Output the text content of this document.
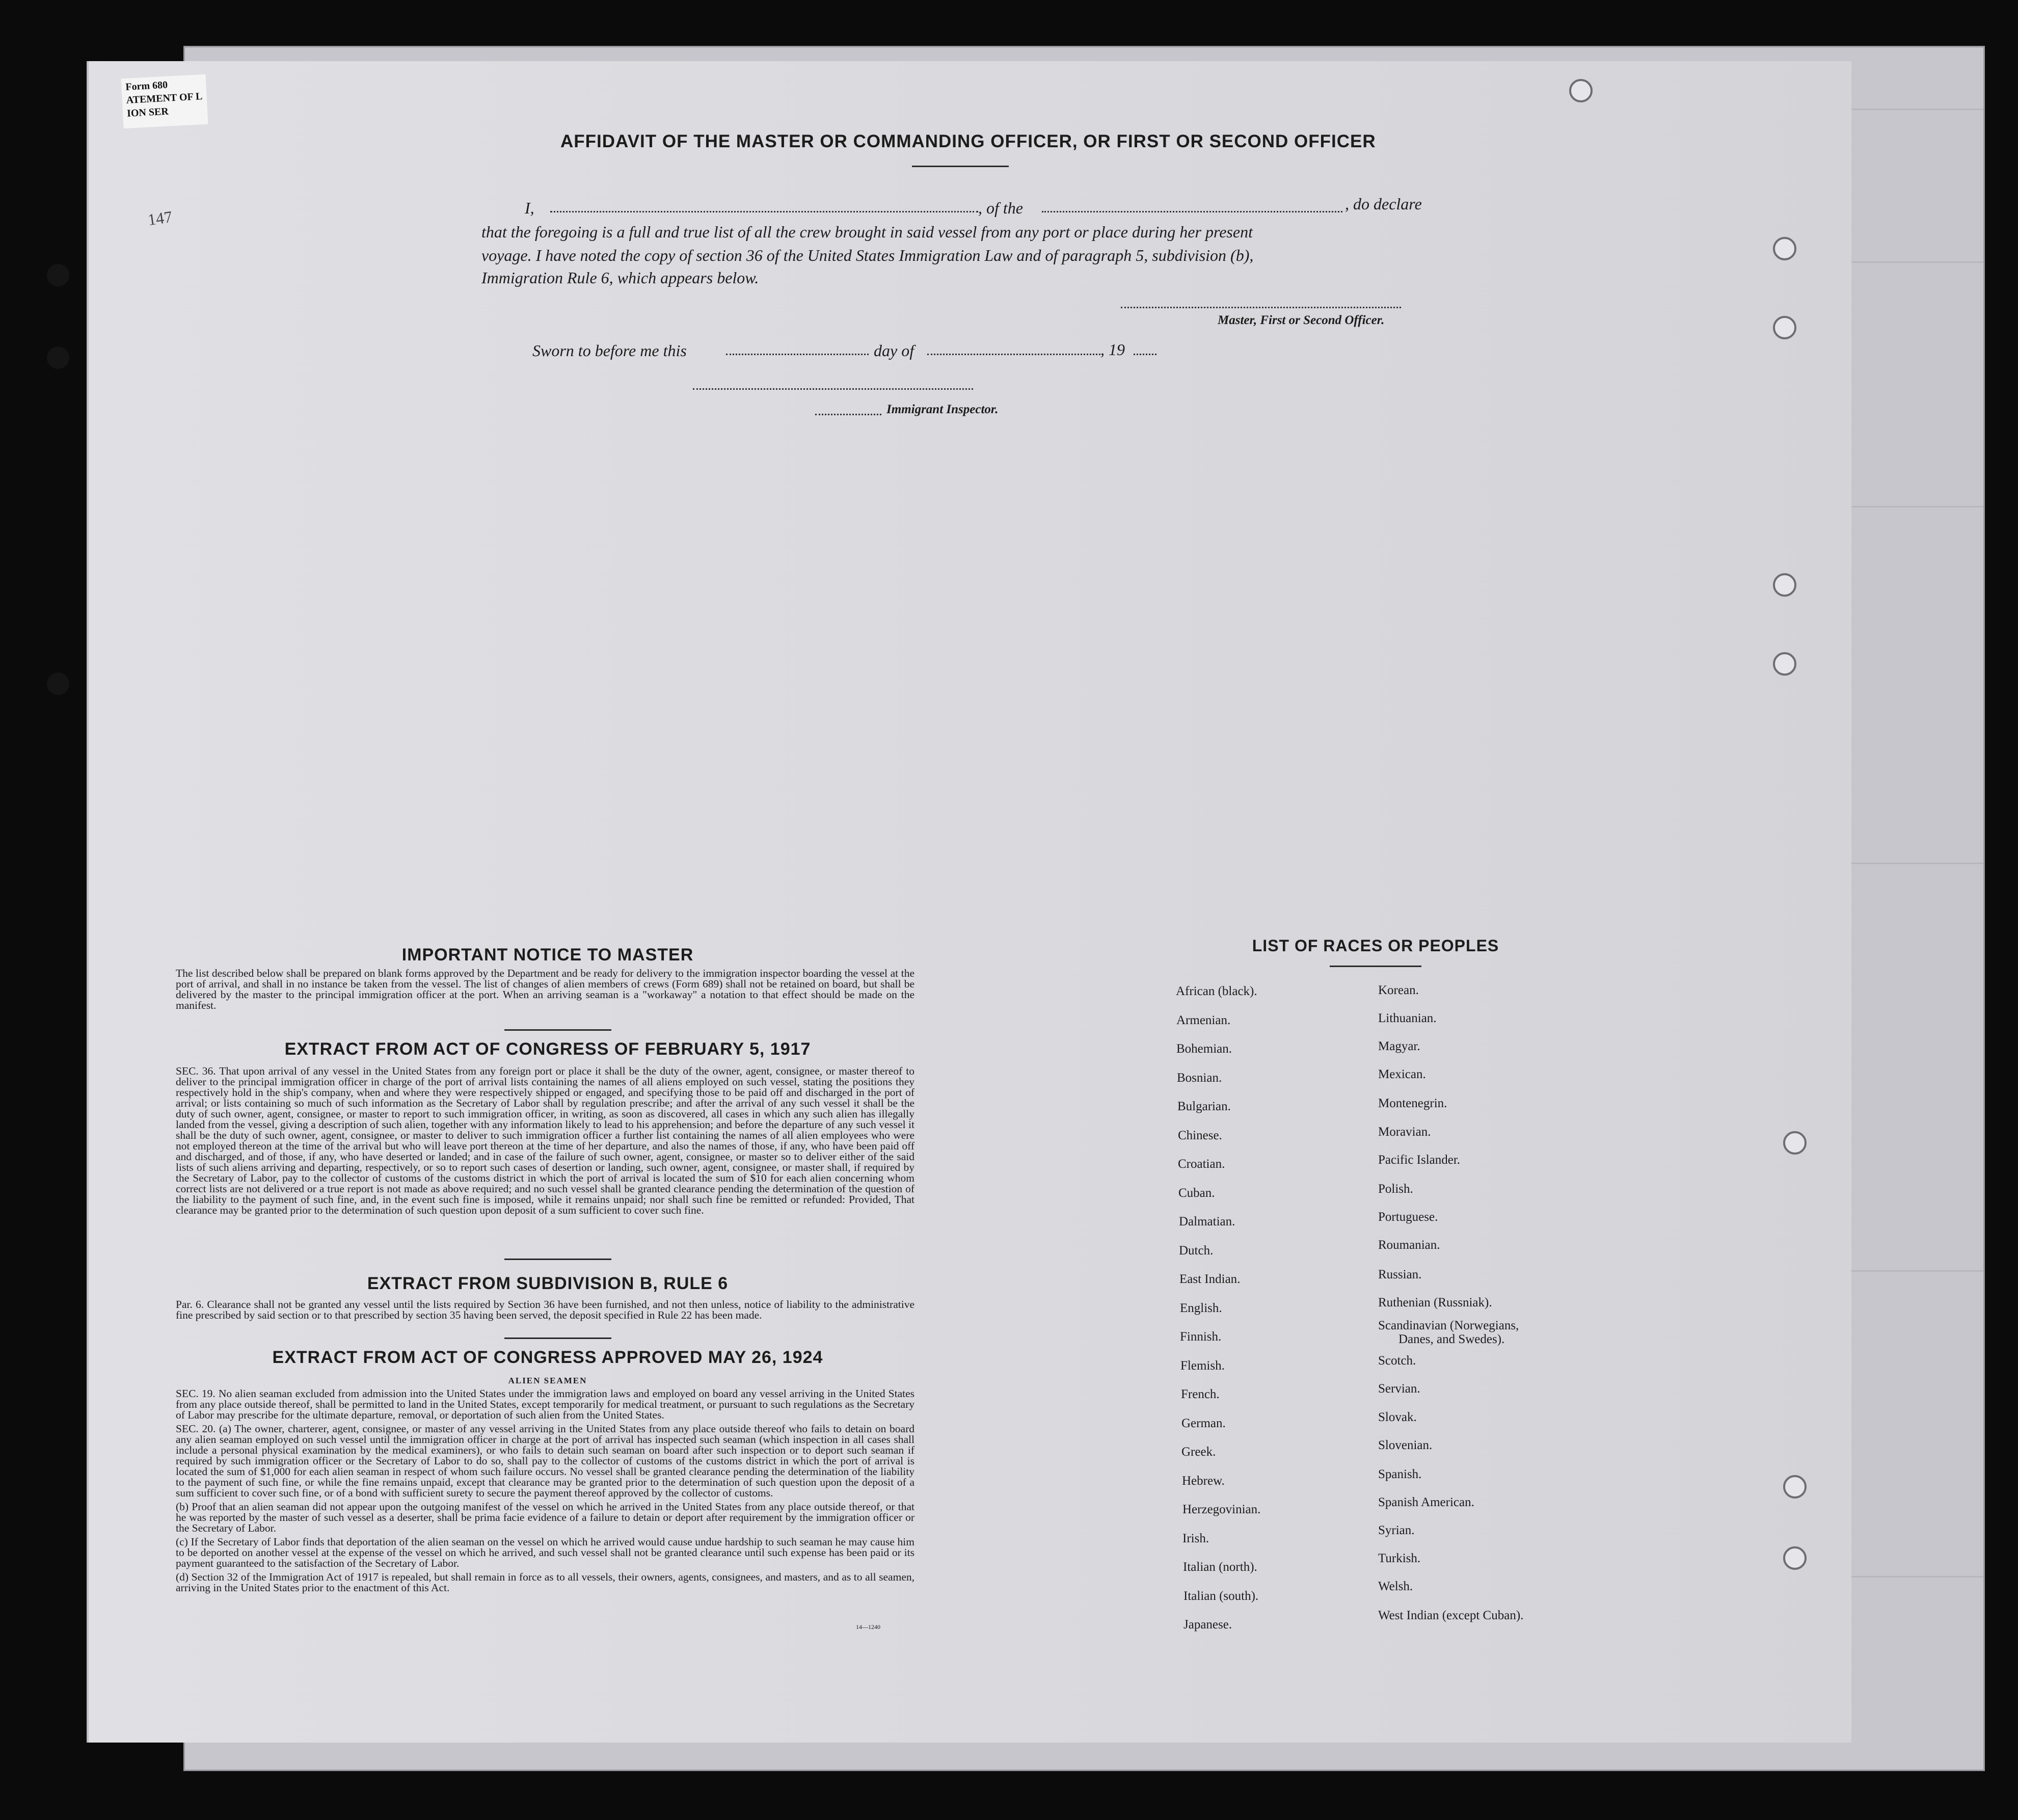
Form 680 ATEMENT OF L ION SER
147
AFFIDAVIT OF THE MASTER OR COMMANDING OFFICER, OR FIRST OR SECOND OFFICER
I,	, of the	, do declare
that the foregoing is a full and true list of all the crew brought in said vessel from any port or place during her present
voyage. I have noted the copy of section 36 of the United States Immigration Law and of paragraph 5, subdivision (b),
Immigration Rule 6, which appears below.
Master, First or Second Officer.
Sworn to before me this	day of	, 19
Immigrant Inspector.
IMPORTANT NOTICE TO MASTER
The list described below shall be prepared on blank forms approved by the Department and be ready for delivery to the immigration inspector boarding the vessel at the port of arrival, and shall in no instance be taken from the vessel. The list of changes of alien members of crews (Form 689) shall not be retained on board, but shall be delivered by the master to the principal immigration officer at the port. When an arriving seaman is a "workaway" a notation to that effect should be made on the manifest.
EXTRACT FROM ACT OF CONGRESS OF FEBRUARY 5, 1917
SEC. 36. That upon arrival of any vessel in the United States from any foreign port or place it shall be the duty of the owner, agent, consignee, or master thereof to deliver to the principal immigration officer in charge of the port of arrival lists containing the names of all aliens employed on such vessel, stating the positions they respectively hold in the ship's company, when and where they were respectively shipped or engaged, and specifying those to be paid off and discharged in the port of arrival; or lists containing so much of such information as the Secretary of Labor shall by regulation prescribe; and after the arrival of any such vessel it shall be the duty of such owner, agent, consignee, or master to report to such immigration officer, in writing, as soon as discovered, all cases in which any such alien has illegally landed from the vessel, giving a description of such alien, together with any information likely to lead to his apprehension; and before the departure of any such vessel it shall be the duty of such owner, agent, consignee, or master to deliver to such immigration officer a further list containing the names of all alien employees who were not employed thereon at the time of the arrival but who will leave port thereon at the time of her departure, and also the names of those, if any, who have been paid off and discharged, and of those, if any, who have deserted or landed; and in case of the failure of such owner, agent, consignee, or master so to deliver either of the said lists of such aliens arriving and departing, respectively, or so to report such cases of desertion or landing, such owner, agent, consignee, or master shall, if required by the Secretary of Labor, pay to the collector of customs of the customs district in which the port of arrival is located the sum of $10 for each alien concerning whom correct lists are not delivered or a true report is not made as above required; and no such vessel shall be granted clearance pending the determination of the question of the liability to the payment of such fine, and, in the event such fine is imposed, while it remains unpaid; nor shall such fine be remitted or refunded: Provided, That clearance may be granted prior to the determination of such question upon deposit of a sum sufficient to cover such fine.
EXTRACT FROM SUBDIVISION B, RULE 6
Par. 6. Clearance shall not be granted any vessel until the lists required by Section 36 have been furnished, and not then unless, notice of liability to the administrative fine prescribed by said section or to that prescribed by section 35 having been served, the deposit specified in Rule 22 has been made.
EXTRACT FROM ACT OF CONGRESS APPROVED MAY 26, 1924
ALIEN SEAMEN

SEC. 19. No alien seaman excluded from admission into the United States under the immigration laws and employed on board any vessel arriving in the United States from any place outside thereof, shall be permitted to land in the United States, except temporarily for medical treatment, or pursuant to such regulations as the Secretary of Labor may prescribe for the ultimate departure, removal, or deportation of such alien from the United States.

SEC. 20. (a) The owner, charterer, agent, consignee, or master of any vessel arriving in the United States from any place outside thereof who fails to detain on board any alien seaman employed on such vessel until the immigration officer in charge at the port of arrival has inspected such seaman (which inspection in all cases shall include a personal physical examination by the medical examiners), or who fails to detain such seaman on board after such inspection or to deport such seaman if required by such immigration officer or the Secretary of Labor to do so, shall pay to the collector of customs of the customs district in which the port of arrival is located the sum of $1,000 for each alien seaman in respect of whom such failure occurs. No vessel shall be granted clearance pending the determination of the liability to the payment of such fine, or while the fine remains unpaid, except that clearance may be granted prior to the determination of such question upon the deposit of a sum sufficient to cover such fine, or of a bond with sufficient surety to secure the payment thereof approved by the collector of customs.

(b) Proof that an alien seaman did not appear upon the outgoing manifest of the vessel on which he arrived in the United States from any place outside thereof, or that he was reported by the master of such vessel as a deserter, shall be prima facie evidence of a failure to detain or deport after requirement by the immigration officer or the Secretary of Labor.

(c) If the Secretary of Labor finds that deportation of the alien seaman on the vessel on which he arrived would cause undue hardship to such seaman he may cause him to be deported on another vessel at the expense of the vessel on which he arrived, and such vessel shall not be granted clearance until such expense has been paid or its payment guaranteed to the satisfaction of the Secretary of Labor.

(d) Section 32 of the Immigration Act of 1917 is repealed, but shall remain in force as to all vessels, their owners, agents, consignees, and masters, and as to all seamen, arriving in the United States prior to the enactment of this Act.

14—1240
LIST OF RACES OR PEOPLES
African (black).
Armenian.
Bohemian.
Bosnian.
Bulgarian.
Chinese.
Croatian.
Cuban.
Dalmatian.
Dutch.
East Indian.
English.
Finnish.
Flemish.
French.
German.
Greek.
Hebrew.
Herzegovinian.
Irish.
Italian (north).
Italian (south).
Japanese.
Korean.
Lithuanian.
Magyar.
Mexican.
Montenegrin.
Moravian.
Pacific Islander.
Polish.
Portuguese.
Roumanian.
Russian.
Ruthenian (Russniak).
Scandinavian (Norwegians,
Danes, and Swedes).
Scotch.
Servian.
Slovak.
Slovenian.
Spanish.
Spanish American.
Syrian.
Turkish.
Welsh.
West Indian (except Cuban).
